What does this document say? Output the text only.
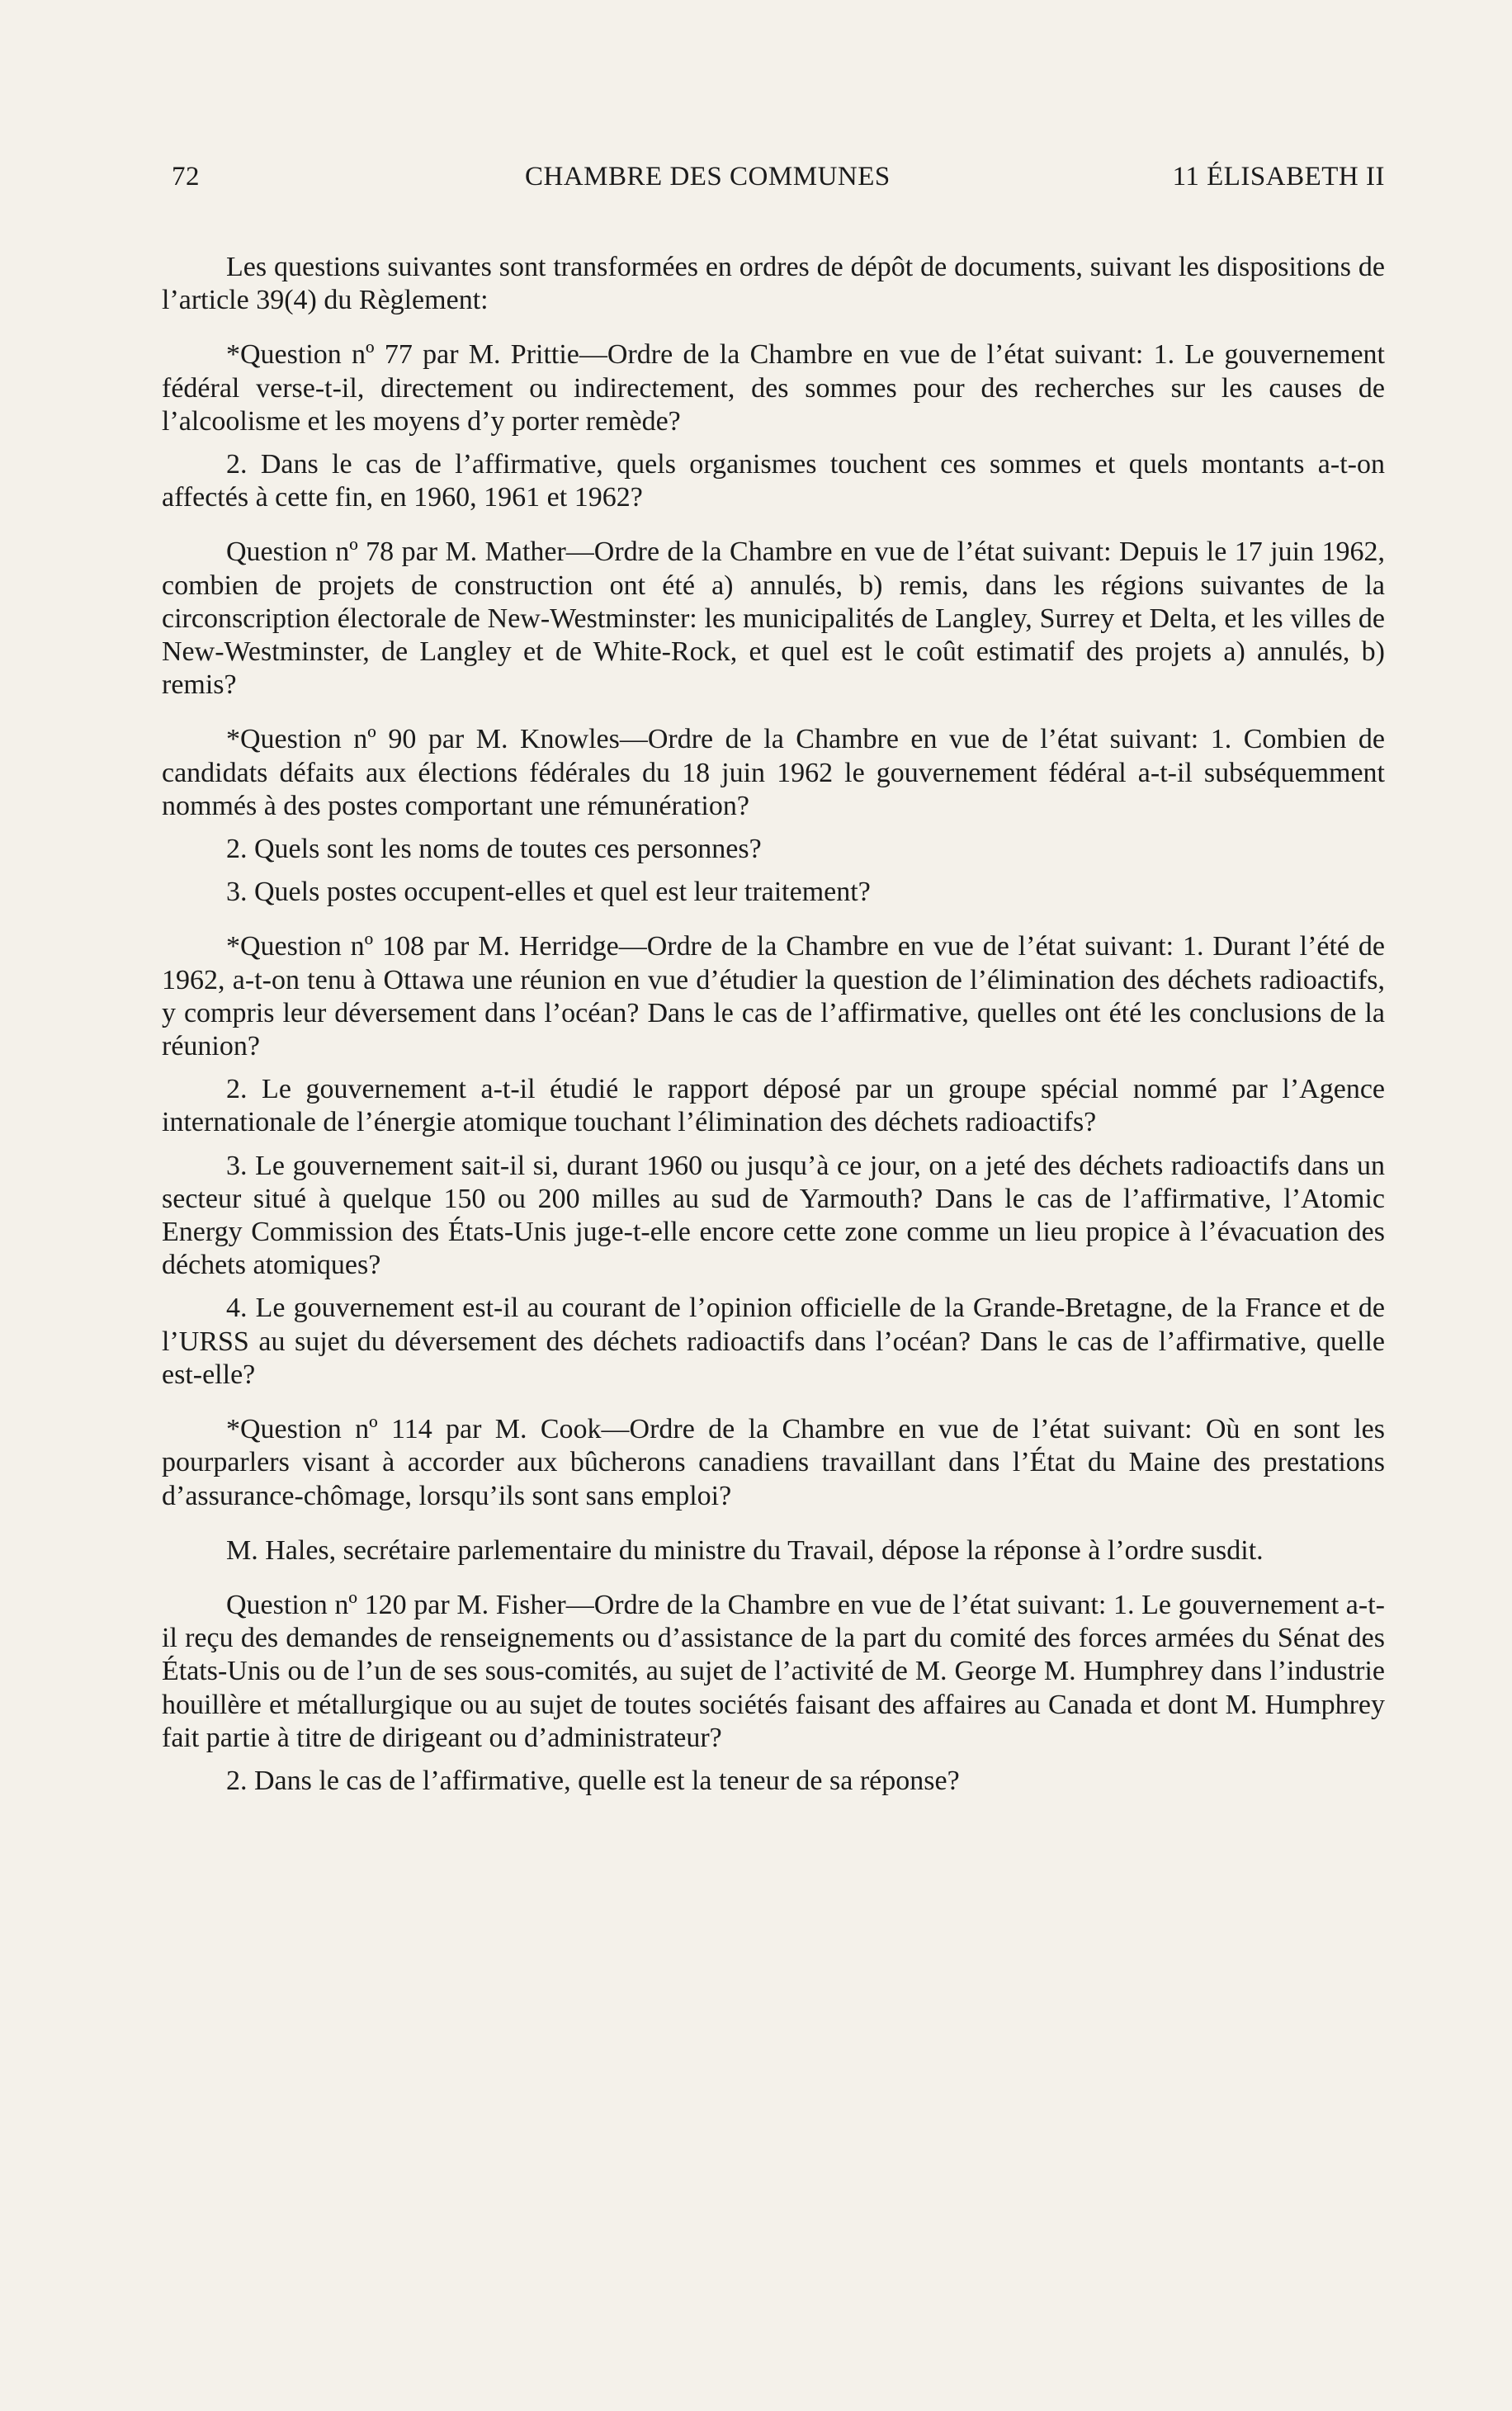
72	CHAMBRE DES COMMUNES	11 ÉLISABETH II

Les questions suivantes sont transformées en ordres de dépôt de documents, suivant les dispositions de l’article 39(4) du Règlement:

*Question nº 77 par M. Prittie—Ordre de la Chambre en vue de l’état suivant: 1. Le gouvernement fédéral verse-t-il, directement ou indirectement, des sommes pour des recherches sur les causes de l’alcoolisme et les moyens d’y porter remède?

2. Dans le cas de l’affirmative, quels organismes touchent ces sommes et quels montants a-t-on affectés à cette fin, en 1960, 1961 et 1962?

Question nº 78 par M. Mather—Ordre de la Chambre en vue de l’état suivant: Depuis le 17 juin 1962, combien de projets de construction ont été a) annulés, b) remis, dans les régions suivantes de la circonscription électorale de New-Westminster: les municipalités de Langley, Surrey et Delta, et les villes de New-Westminster, de Langley et de White-Rock, et quel est le coût estimatif des projets a) annulés, b) remis?

*Question nº 90 par M. Knowles—Ordre de la Chambre en vue de l’état suivant: 1. Combien de candidats défaits aux élections fédérales du 18 juin 1962 le gouvernement fédéral a-t-il subséquemment nommés à des postes comportant une rémunération?

2. Quels sont les noms de toutes ces personnes?

3. Quels postes occupent-elles et quel est leur traitement?

*Question nº 108 par M. Herridge—Ordre de la Chambre en vue de l’état suivant: 1. Durant l’été de 1962, a-t-on tenu à Ottawa une réunion en vue d’étudier la question de l’élimination des déchets radioactifs, y compris leur déversement dans l’océan? Dans le cas de l’affirmative, quelles ont été les conclusions de la réunion?

2. Le gouvernement a-t-il étudié le rapport déposé par un groupe spécial nommé par l’Agence internationale de l’énergie atomique touchant l’élimination des déchets radioactifs?

3. Le gouvernement sait-il si, durant 1960 ou jusqu’à ce jour, on a jeté des déchets radioactifs dans un secteur situé à quelque 150 ou 200 milles au sud de Yarmouth? Dans le cas de l’affirmative, l’Atomic Energy Commission des États-Unis juge-t-elle encore cette zone comme un lieu propice à l’évacuation des déchets atomiques?

4. Le gouvernement est-il au courant de l’opinion officielle de la Grande-Bretagne, de la France et de l’URSS au sujet du déversement des déchets radioactifs dans l’océan? Dans le cas de l’affirmative, quelle est-elle?

*Question nº 114 par M. Cook—Ordre de la Chambre en vue de l’état suivant: Où en sont les pourparlers visant à accorder aux bûcherons canadiens travaillant dans l’État du Maine des prestations d’assurance-chômage, lorsqu’ils sont sans emploi?

M. Hales, secrétaire parlementaire du ministre du Travail, dépose la réponse à l’ordre susdit.

Question nº 120 par M. Fisher—Ordre de la Chambre en vue de l’état suivant: 1. Le gouvernement a-t-il reçu des demandes de renseignements ou d’assistance de la part du comité des forces armées du Sénat des États-Unis ou de l’un de ses sous-comités, au sujet de l’activité de M. George M. Humphrey dans l’industrie houillère et métallurgique ou au sujet de toutes sociétés faisant des affaires au Canada et dont M. Humphrey fait partie à titre de dirigeant ou d’administrateur?

2. Dans le cas de l’affirmative, quelle est la teneur de sa réponse?
